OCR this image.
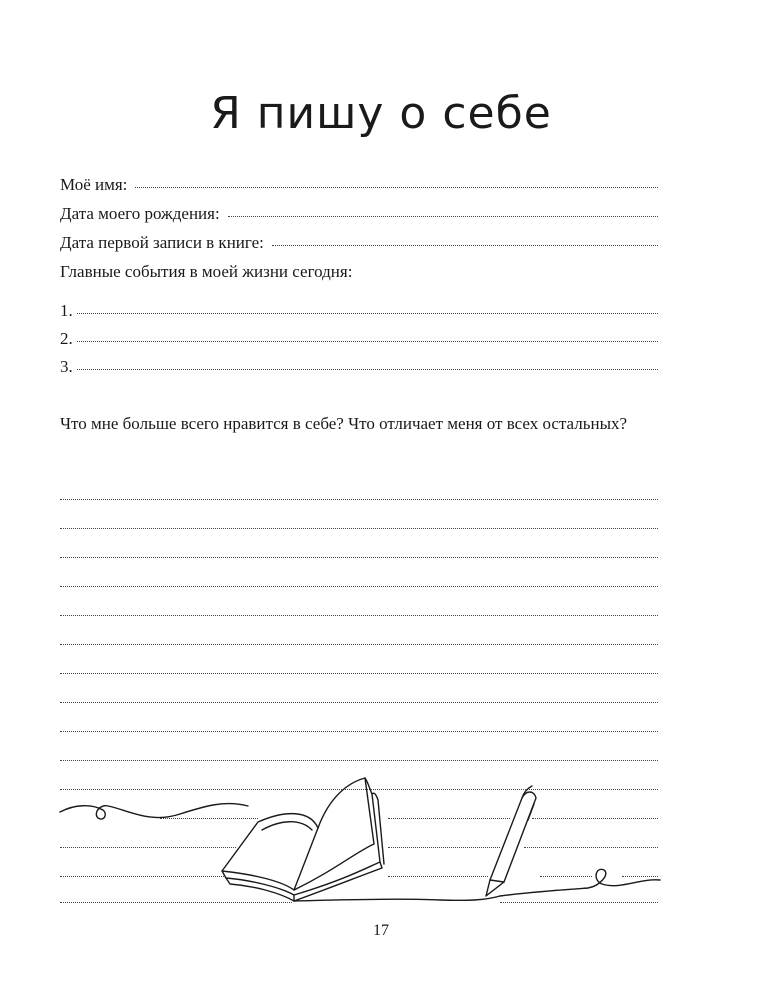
Я пишу о себе
Моё имя:
Дата моего рождения:
Дата первой записи в книге:
Главные события в моей жизни сегодня:
1.
2.
3.
Что мне больше всего нравится в себе? Что отличает меня от всех остальных?
17
